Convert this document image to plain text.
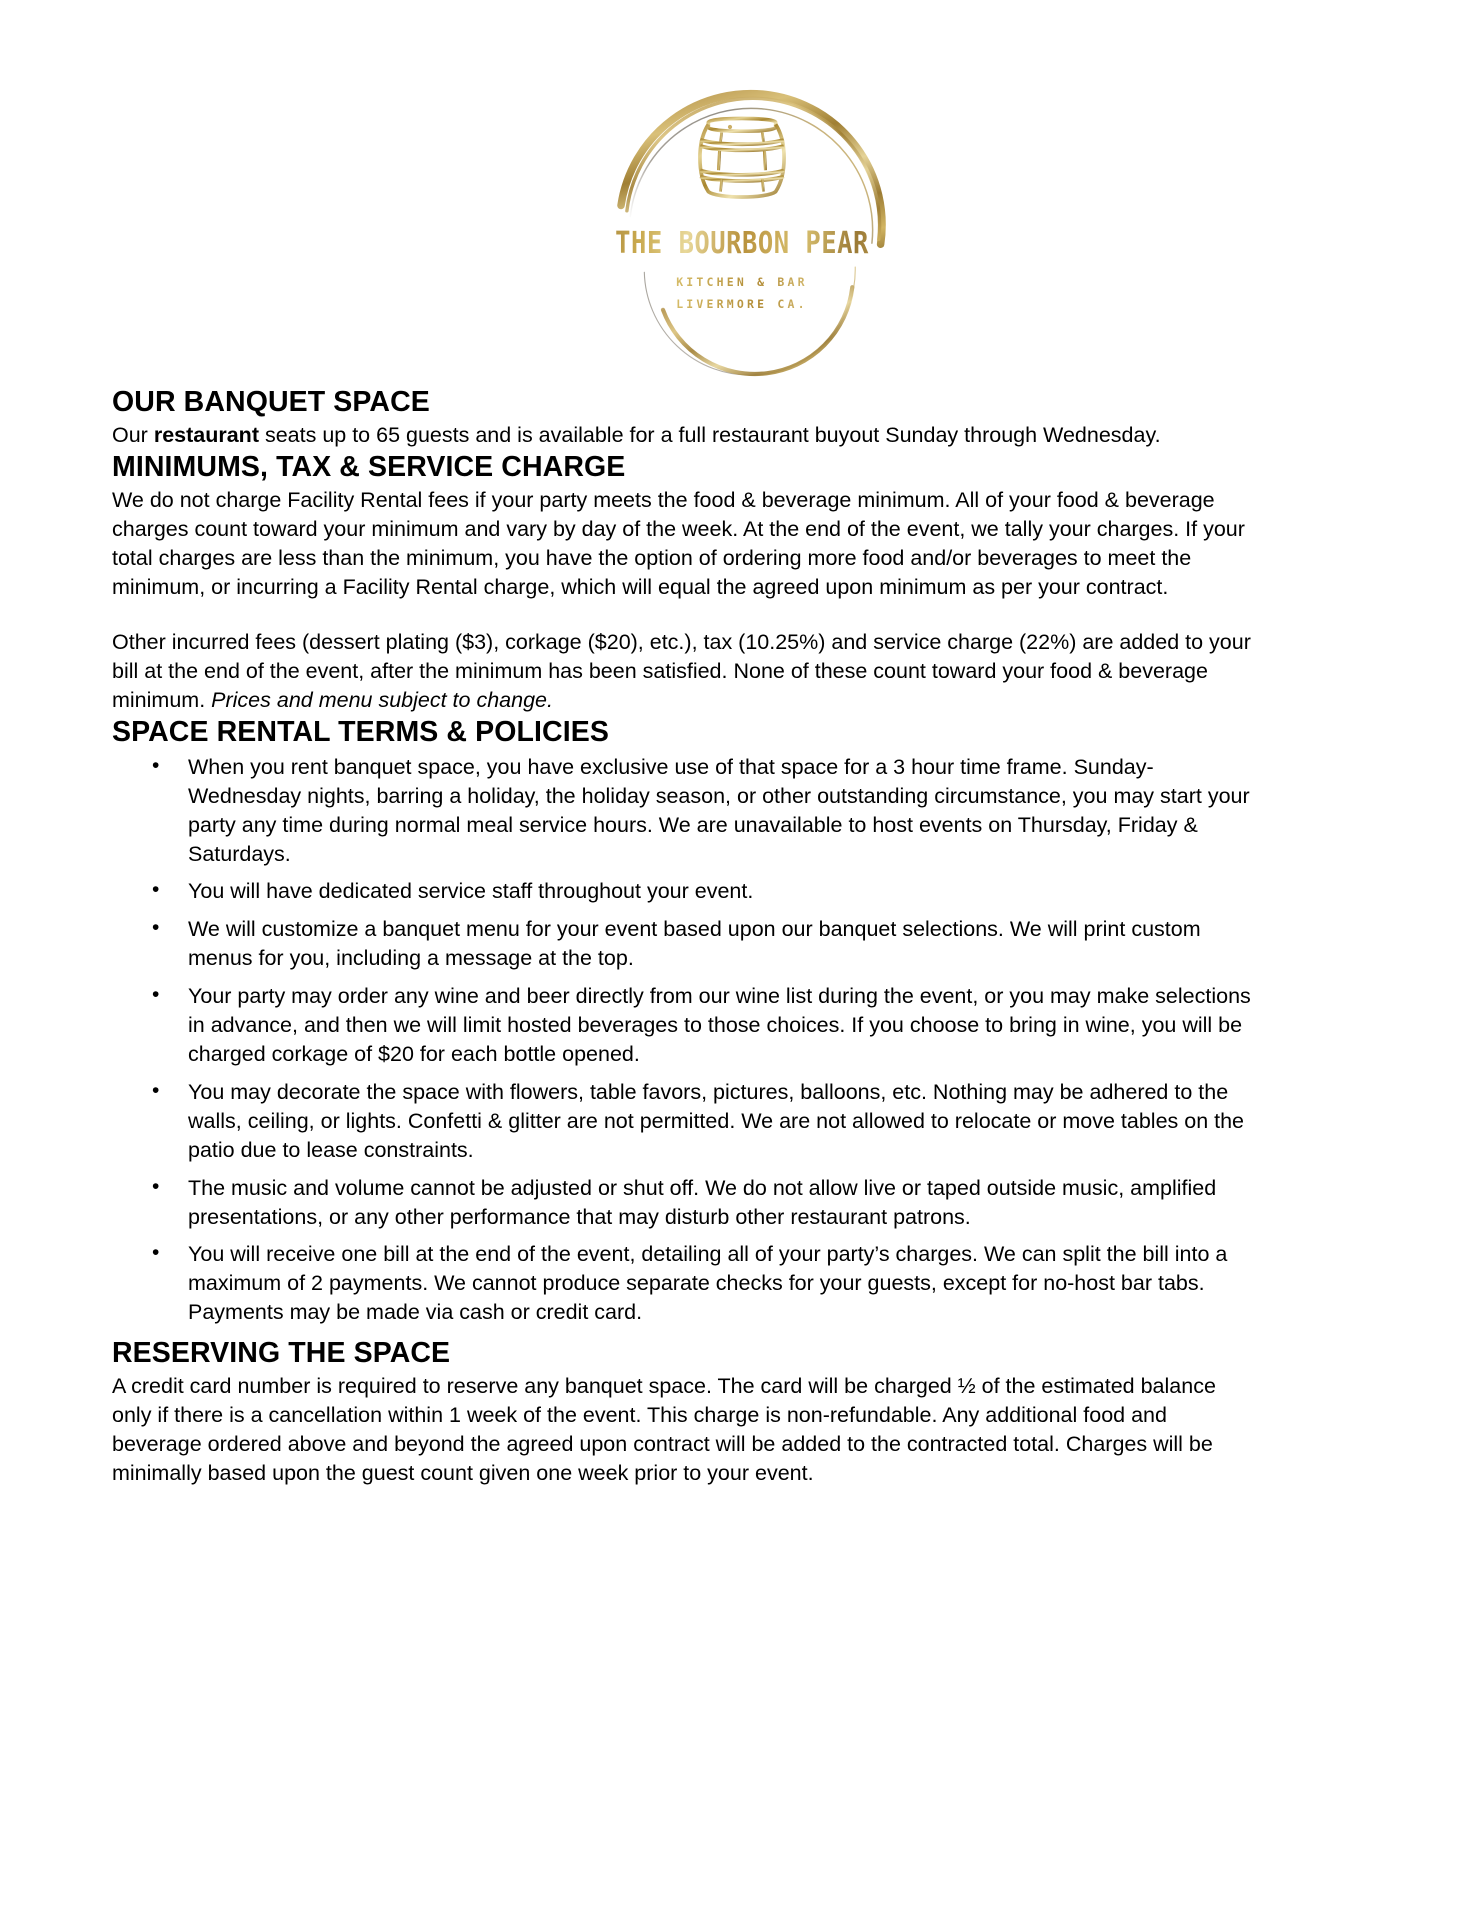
THE BOURBON PEAR
KITCHEN & BAR
LIVERMORE CA.
OUR BANQUET SPACE

Our restaurant seats up to 65 guests and is available for a full restaurant buyout Sunday through Wednesday.

MINIMUMS, TAX & SERVICE CHARGE

We do not charge Facility Rental fees if your party meets the food & beverage minimum. All of your food & beverage charges count toward your minimum and vary by day of the week. At the end of the event, we tally your charges. If your total charges are less than the minimum, you have the option of ordering more food and/or beverages to meet the minimum, or incurring a Facility Rental charge, which will equal the agreed upon minimum as per your contract.

Other incurred fees (dessert plating ($3), corkage ($20), etc.), tax (10.25%) and service charge (22%) are added to your bill at the end of the event, after the minimum has been satisfied. None of these count toward your food & beverage minimum. Prices and menu subject to change.

SPACE RENTAL TERMS & POLICIES
• When you rent banquet space, you have exclusive use of that space for a 3 hour time frame. Sunday-Wednesday nights, barring a holiday, the holiday season, or other outstanding circumstance, you may start your party any time during normal meal service hours. We are unavailable to host events on Thursday, Friday & Saturdays.
• You will have dedicated service staff throughout your event.
• We will customize a banquet menu for your event based upon our banquet selections. We will print custom menus for you, including a message at the top.
• Your party may order any wine and beer directly from our wine list during the event, or you may make selections in advance, and then we will limit hosted beverages to those choices. If you choose to bring in wine, you will be charged corkage of $20 for each bottle opened.
• You may decorate the space with flowers, table favors, pictures, balloons, etc. Nothing may be adhered to the walls, ceiling, or lights. Confetti & glitter are not permitted. We are not allowed to relocate or move tables on the patio due to lease constraints.
• The music and volume cannot be adjusted or shut off. We do not allow live or taped outside music, amplified presentations, or any other performance that may disturb other restaurant patrons.
• You will receive one bill at the end of the event, detailing all of your party’s charges. We can split the bill into a maximum of 2 payments. We cannot produce separate checks for your guests, except for no-host bar tabs. Payments may be made via cash or credit card.
RESERVING THE SPACE

A credit card number is required to reserve any banquet space. The card will be charged ½ of the estimated balance only if there is a cancellation within 1 week of the event. This charge is non-refundable. Any additional food and beverage ordered above and beyond the agreed upon contract will be added to the contracted total. Charges will be minimally based upon the guest count given one week prior to your event.
